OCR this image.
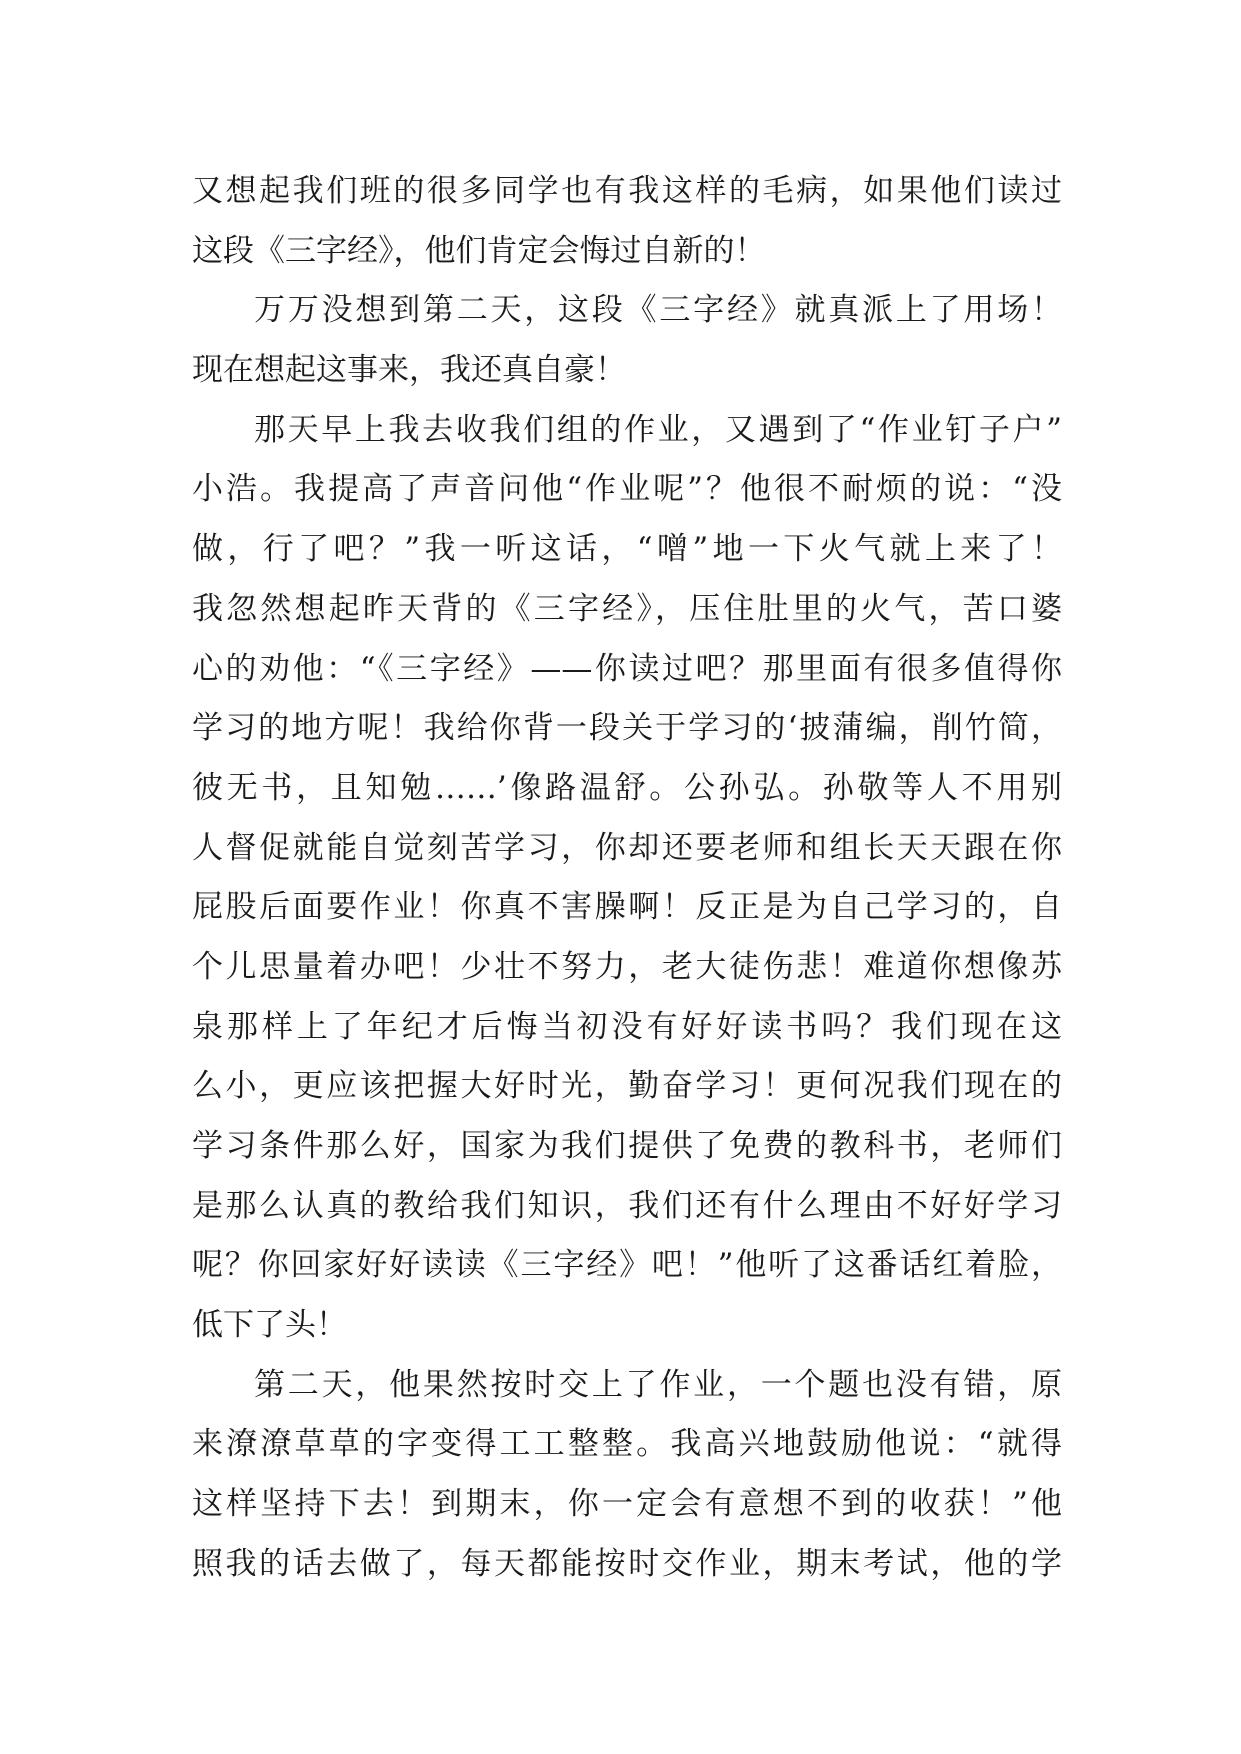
又想起我们班的很多同学也有我这样的毛病，如果他们读过
这段《三字经》，他们肯定会悔过自新的！
万万没想到第二天，这段《三字经》就真派上了用场！
现在想起这事来，我还真自豪！
那天早上我去收我们组的作业，又遇到了“作业钉子户”
小浩。我提高了声音问他“作业呢”？他很不耐烦的说：“没
做，行了吧？”我一听这话，“噌”地一下火气就上来了！
我忽然想起昨天背的《三字经》，压住肚里的火气，苦口婆
心的劝他：“《三字经》——你读过吧？那里面有很多值得你
学习的地方呢！我给你背一段关于学习的‘披蒲编，削竹简，
彼无书，且知勉……’像路温舒。公孙弘。孙敬等人不用别
人督促就能自觉刻苦学习，你却还要老师和组长天天跟在你
屁股后面要作业！你真不害臊啊！反正是为自己学习的，自
个儿思量着办吧！少壮不努力，老大徒伤悲！难道你想像苏
泉那样上了年纪才后悔当初没有好好读书吗？我们现在这
么小，更应该把握大好时光，勤奋学习！更何况我们现在的
学习条件那么好，国家为我们提供了免费的教科书，老师们
是那么认真的教给我们知识，我们还有什么理由不好好学习
呢？你回家好好读读《三字经》吧！”他听了这番话红着脸，
低下了头！
第二天，他果然按时交上了作业，一个题也没有错，原
来潦潦草草的字变得工工整整。我高兴地鼓励他说：“就得
这样坚持下去！到期末，你一定会有意想不到的收获！”他
照我的话去做了，每天都能按时交作业，期末考试，他的学
